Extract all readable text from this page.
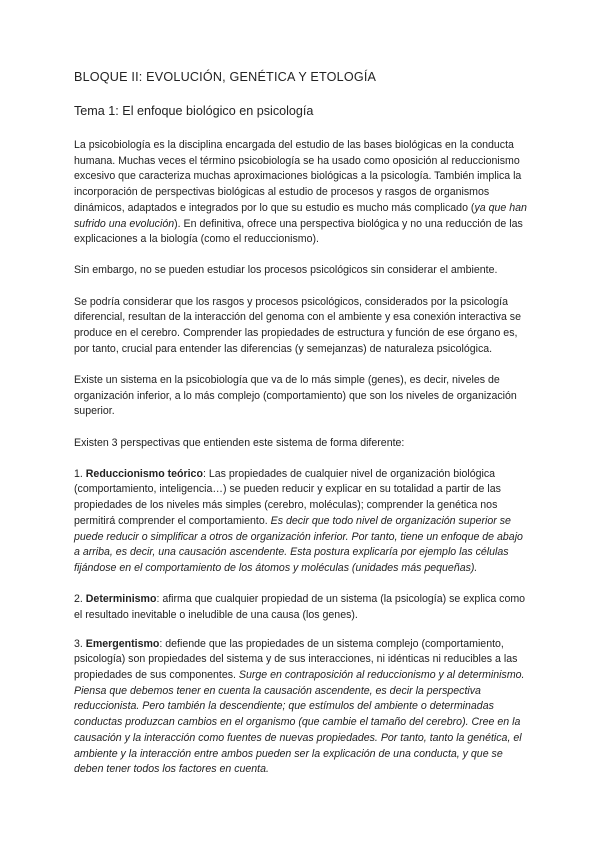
BLOQUE II: EVOLUCIÓN, GENÉTICA Y ETOLOGÍA
Tema 1: El enfoque biológico en psicología

La psicobiología es la disciplina encargada del estudio de las bases biológicas en la conducta humana. Muchas veces el término psicobiología se ha usado como oposición al reduccionismo excesivo que caracteriza muchas aproximaciones biológicas a la psicología. También implica la incorporación de perspectivas biológicas al estudio de procesos y rasgos de organismos dinámicos, adaptados e integrados por lo que su estudio es mucho más complicado (ya que han sufrido una evolución). En definitiva, ofrece una perspectiva biológica y no una reducción de las explicaciones a la biología (como el reduccionismo).

Sin embargo, no se pueden estudiar los procesos psicológicos sin considerar el ambiente.

Se podría considerar que los rasgos y procesos psicológicos, considerados por la psicología diferencial, resultan de la interacción del genoma con el ambiente y esa conexión interactiva se produce en el cerebro. Comprender las propiedades de estructura y función de ese órgano es, por tanto, crucial para entender las diferencias (y semejanzas) de naturaleza psicológica.

Existe un sistema en la psicobiología que va de lo más simple (genes), es decir, niveles de organización inferior, a lo más complejo (comportamiento) que son los niveles de organización superior.

Existen 3 perspectivas que entienden este sistema de forma diferente:

1. Reduccionismo teórico: Las propiedades de cualquier nivel de organización biológica (comportamiento, inteligencia…) se pueden reducir y explicar en su totalidad a partir de las propiedades de los niveles más simples (cerebro, moléculas); comprender la genética nos permitirá comprender el comportamiento. Es decir que todo nivel de organización superior se puede reducir o simplificar a otros de organización inferior. Por tanto, tiene un enfoque de abajo a arriba, es decir, una causación ascendente. Esta postura explicaría por ejemplo las células fijándose en el comportamiento de los átomos y moléculas (unidades más pequeñas).

2. Determinismo: afirma que cualquier propiedad de un sistema (la psicología) se explica como el resultado inevitable o ineludible de una causa (los genes).

3. Emergentismo: defiende que las propiedades de un sistema complejo (comportamiento, psicología) son propiedades del sistema y de sus interacciones, ni idénticas ni reducibles a las propiedades de sus componentes. Surge en contraposición al reduccionismo y al determinismo. Piensa que debemos tener en cuenta la causación ascendente, es decir la perspectiva reduccionista. Pero también la descendiente; que estímulos del ambiente o determinadas conductas produzcan cambios en el organismo (que cambie el tamaño del cerebro). Cree en la causación y la interacción como fuentes de nuevas propiedades. Por tanto, tanto la genética, el ambiente y la interacción entre ambos pueden ser la explicación de una conducta, y que se deben tener todos los factores en cuenta.
